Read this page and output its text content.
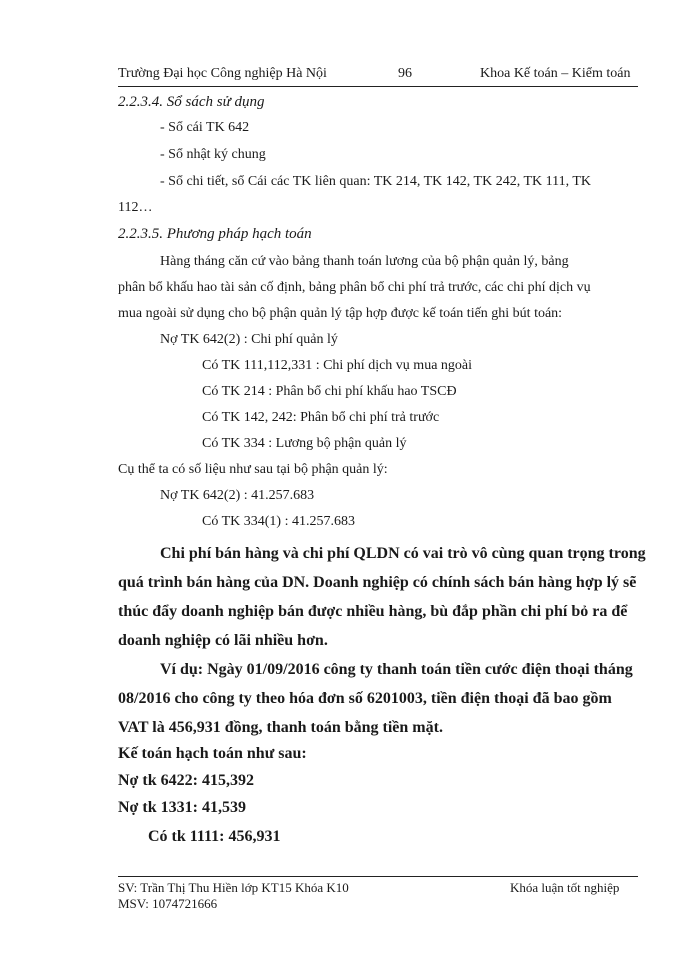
Trường Đại học Công nghiệp Hà Nội	96	Khoa Kế toán – Kiểm toán
2.2.3.4. Sổ sách sử dụng
- Sổ cái TK 642
- Sổ nhật ký chung
- Sổ chi tiết, sổ Cái các TK liên quan: TK 214, TK 142, TK 242, TK 111, TK
112…
2.2.3.5. Phương pháp hạch toán
Hàng tháng căn cứ vào bảng thanh toán lương của bộ phận quản lý, bảng
phân bổ khấu hao tài sản cố định, bảng phân bổ chi phí trả trước, các chi phí dịch vụ
mua ngoài sử dụng cho bộ phận quản lý tập hợp được kế toán tiến ghi bút toán:
Nợ TK 642(2) : Chi phí quản lý
Có TK 111,112,331 : Chi phí dịch vụ mua ngoài
Có TK 214 : Phân bổ chi phí khấu hao TSCĐ
Có TK 142, 242: Phân bổ chi phí trả trước
Có TK 334 : Lương bộ phận quản lý
Cụ thể ta có số liệu như sau tại bộ phận quản lý:
Nợ TK 642(2) : 41.257.683
Có TK 334(1) : 41.257.683
Chi phí bán hàng và chi phí QLDN có vai trò vô cùng quan trọng trong
quá trình bán hàng của DN. Doanh nghiệp có chính sách bán hàng hợp lý sẽ
thúc đẩy doanh nghiệp bán được nhiều hàng, bù đắp phần chi phí bỏ ra để
doanh nghiệp có lãi nhiều hơn.
Ví dụ: Ngày 01/09/2016 công ty thanh toán tiền cước điện thoại tháng
08/2016 cho công ty theo hóa đơn số 6201003, tiền điện thoại đã bao gồm
VAT là 456,931 đồng, thanh toán bằng tiền mặt.
Kế toán hạch toán như sau:
Nợ tk 6422: 415,392
Nợ tk 1331: 41,539
Có tk 1111: 456,931
SV: Trần Thị Thu Hiền lớp KT15 Khóa K10	Khóa luận tốt nghiệp
MSV: 1074721666
